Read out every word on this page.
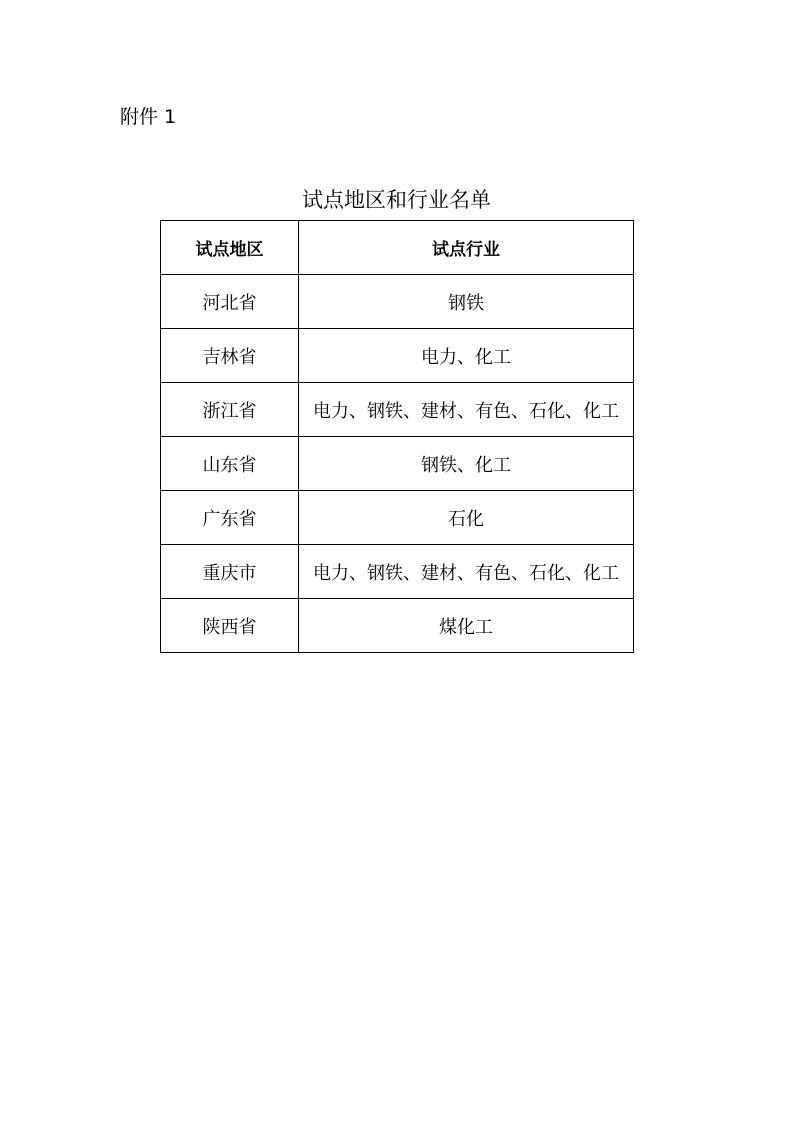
附件 1
试点地区和行业名单
试点地区	试点行业
河北省	钢铁
吉林省	电力、化工
浙江省	电力、钢铁、建材、有色、石化、化工
山东省	钢铁、化工
广东省	石化
重庆市	电力、钢铁、建材、有色、石化、化工
陕西省	煤化工
